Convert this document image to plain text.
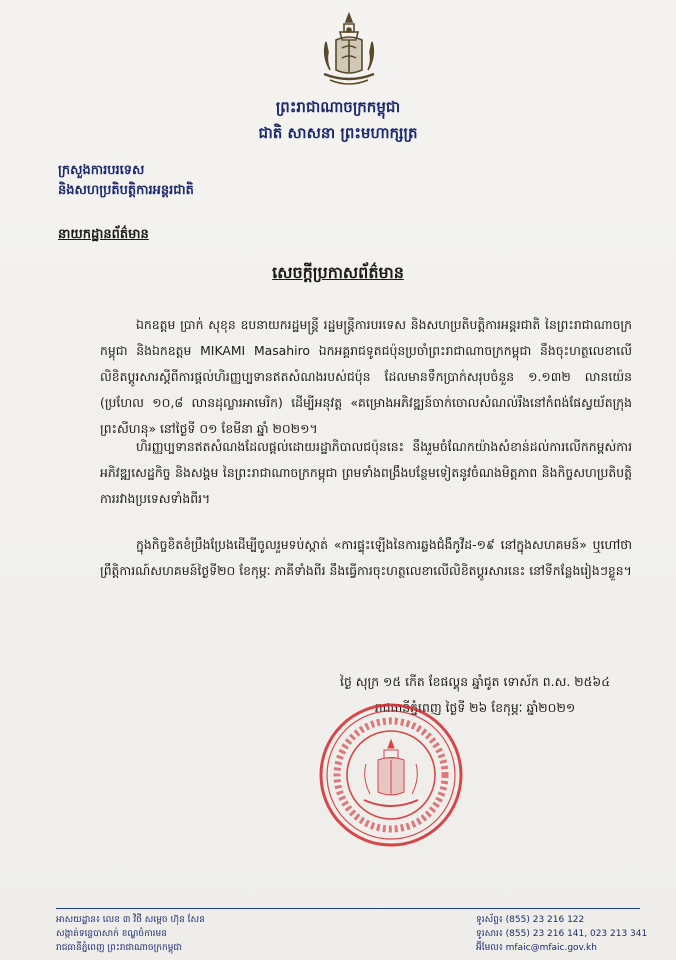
ព្រះរាជាណាចក្រកម្ពុជា
ជាតិ សាសនា ព្រះមហាក្សត្រ
ក្រសួងការបរទេស
និងសហប្រតិបត្តិការអន្តរជាតិ
នាយកដ្ឋានព័ត៌មាន
សេចក្តីប្រកាសព័ត៌មាន

ឯកឧត្តម ប្រាក់ សុខុន ឧបនាយករដ្ឋមន្ត្រី រដ្ឋមន្ត្រីការបរទេស និងសហប្រតិបត្តិការអន្តរជាតិ នៃព្រះរាជាណាចក្រកម្ពុជា និងឯកឧត្តម MIKAMI Masahiro ឯកអគ្គរាជទូតជប៉ុនប្រចាំព្រះរាជាណាចក្រកម្ពុជា នឹងចុះហត្ថលេខាលើលិខិតប្តូរសារស្តីពីការផ្តល់ហិរញ្ញប្បទានឥតសំណងរបស់ជប៉ុន ដែលមានទឹកប្រាក់សរុបចំនួន ១.១៣២ លានយ៉េន (ប្រហែល ១០,៨ លានដុល្លារអាមេរិក) ដើម្បីអនុវត្ត «គម្រោងអភិវឌ្ឍន៍ចាក់ចោលសំណល់រឹងនៅកំពង់ផែស្វយ័តក្រុងព្រះសីហនុ» នៅថ្ងៃទី ០១ ខែមីនា ឆ្នាំ ២០២១។

ហិរញ្ញប្បទានឥតសំណងដែលផ្តល់ដោយរដ្ឋាភិបាលជប៉ុននេះ នឹងរួមចំណែកយ៉ាងសំខាន់ដល់ការលើកកម្ពស់ការអភិវឌ្ឍសេដ្ឋកិច្ច និងសង្គម នៃព្រះរាជាណាចក្រកម្ពុជា ព្រមទាំងពង្រឹងបន្ថែមទៀតនូវចំណងមិត្តភាព និងកិច្ចសហប្រតិបត្តិការរវាងប្រទេសទាំងពីរ។

ក្នុងកិច្ចខិតខំប្រឹងប្រែងដើម្បីចូលរួមទប់ស្កាត់ «ការផ្ទុះឡើងនៃការឆ្លងជំងឺកូវីដ-១៩ នៅក្នុងសហគមន៍» ឬហៅថាព្រឹត្តិការណ៍សហគមន៍ថ្ងៃទី២០ ខែកុម្ភៈ ភាគីទាំងពីរ នឹងធ្វើការចុះហត្ថលេខាលើលិខិតប្តូរសារនេះ នៅទីកន្លែងរៀងៗខ្លួន។

ថ្ងៃ សុក្រ ១៥ កើត ខែផល្គុន ឆ្នាំជូត ទោស័ក ព.ស. ២៥៦៤
រាជធានីភ្នំពេញ ថ្ងៃទី ២៦ ខែកុម្ភៈ ឆ្នាំ២០២១
អាសយដ្ឋាន៖ លេខ ៣ វិថី សម្តេច ហ៊ុន សែន
សង្កាត់ទន្លេបាសាក់ ខណ្ឌចំការមន
រាជធានីភ្នំពេញ ព្រះរាជាណាចក្រកម្ពុជា
ទូរស័ព្ទ៖ (855) 23 216 122
ទូរសារ៖ (855) 23 216 141, 023 213 341
អ៊ីមែល៖ mfaic@mfaic.gov.kh
